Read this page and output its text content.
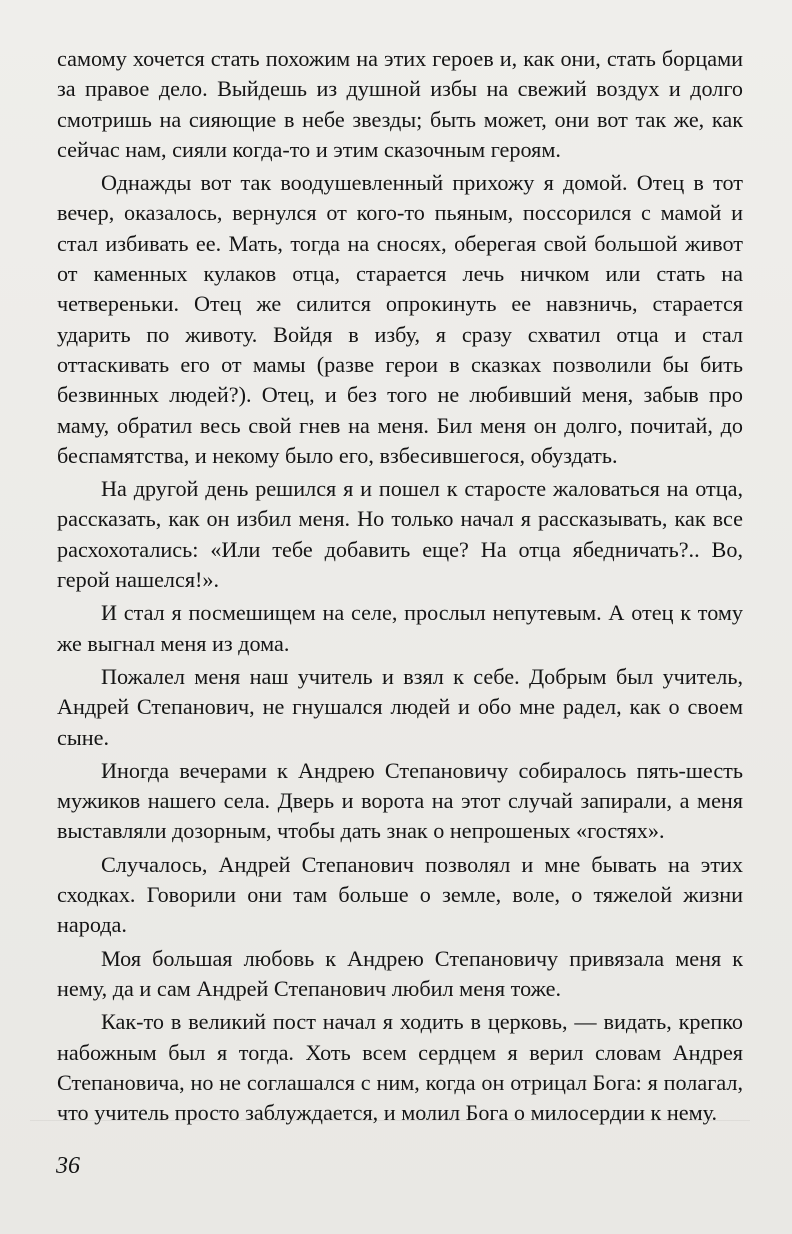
самому хочется стать похожим на этих героев и, как они, стать борцами за правое дело. Выйдешь из душной избы на свежий воздух и долго смотришь на сияющие в небе звезды; быть может, они вот так же, как сейчас нам, сияли когда-то и этим сказочным героям.

Однажды вот так воодушевленный прихожу я домой. Отец в тот вечер, оказалось, вернулся от кого-то пьяным, поссорился с мамой и стал избивать ее. Мать, тогда на сносях, оберегая свой большой живот от каменных кулаков отца, старается лечь ничком или стать на четвереньки. Отец же силится опрокинуть ее навзничь, старается ударить по животу. Войдя в избу, я сразу схватил отца и стал оттаскивать его от мамы (разве герои в сказках позволили бы бить безвинных людей?). Отец, и без того не любивший меня, забыв про маму, обратил весь свой гнев на меня. Бил меня он долго, почитай, до беспамятства, и некому было его, взбесившегося, обуздать.

На другой день решился я и пошел к старосте жаловаться на отца, рассказать, как он избил меня. Но только начал я рассказывать, как все расхохотались: «Или тебе добавить еще? На отца ябедничать?.. Во, герой нашелся!».

И стал я посмешищем на селе, прослыл непутевым. А отец к тому же выгнал меня из дома.

Пожалел меня наш учитель и взял к себе. Добрым был учитель, Андрей Степанович, не гнушался людей и обо мне радел, как о своем сыне.

Иногда вечерами к Андрею Степановичу собиралось пять-шесть мужиков нашего села. Дверь и ворота на этот случай запирали, а меня выставляли дозорным, чтобы дать знак о непрошеных «гостях».

Случалось, Андрей Степанович позволял и мне бывать на этих сходках. Говорили они там больше о земле, воле, о тяжелой жизни народа.

Моя большая любовь к Андрею Степановичу привязала меня к нему, да и сам Андрей Степанович любил меня тоже.

Как-то в великий пост начал я ходить в церковь, — видать, крепко набожным был я тогда. Хоть всем сердцем я верил словам Андрея Степановича, но не соглашался с ним, когда он отрицал Бога: я полагал, что учитель просто заблуждается, и молил Бога о милосердии к нему.

36
